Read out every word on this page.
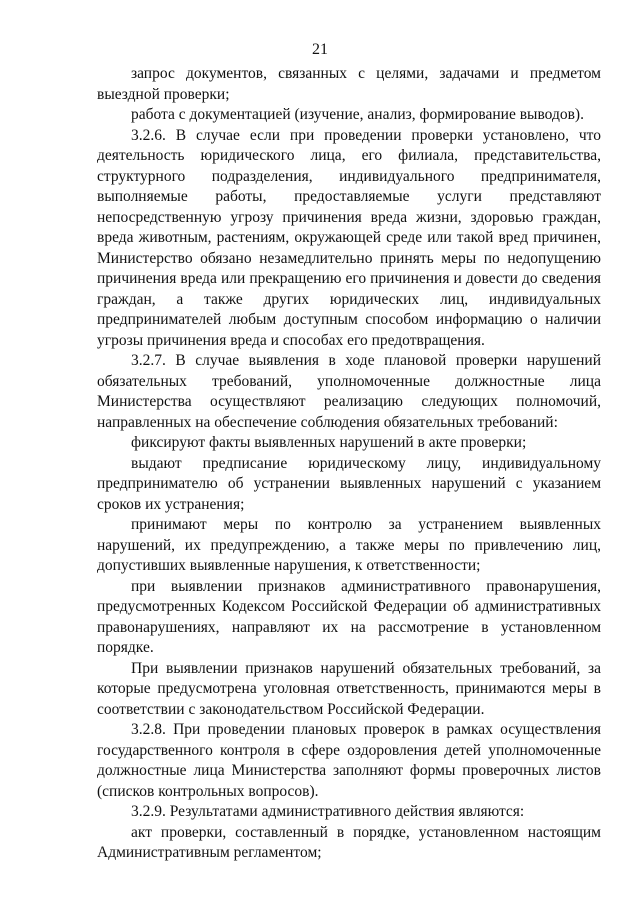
21

запрос документов, связанных с целями, задачами и предметом выездной проверки;

работа с документацией (изучение, анализ, формирование выводов).

3.2.6. В случае если при проведении проверки установлено, что деятельность юридического лица, его филиала, представительства, структурного подразделения, индивидуального предпринимателя, выполняемые работы, предоставляемые услуги представляют непосредственную угрозу причинения вреда жизни, здоровью граждан, вреда животным, растениям, окружающей среде или такой вред причинен, Министерство обязано незамедлительно принять меры по недопущению причинения вреда или прекращению его причинения и довести до сведения граждан, а также других юридических лиц, индивидуальных предпринимателей любым доступным способом информацию о наличии угрозы причинения вреда и способах его предотвращения.

3.2.7. В случае выявления в ходе плановой проверки нарушений обязательных требований, уполномоченные должностные лица Министерства осуществляют реализацию следующих полномочий, направленных на обеспечение соблюдения обязательных требований:

фиксируют факты выявленных нарушений в акте проверки;

выдают предписание юридическому лицу, индивидуальному предпринимателю об устранении выявленных нарушений с указанием сроков их устранения;

принимают меры по контролю за устранением выявленных нарушений, их предупреждению, а также меры по привлечению лиц, допустивших выявленные нарушения, к ответственности;

при выявлении признаков административного правонарушения, предусмотренных Кодексом Российской Федерации об административных правонарушениях, направляют их на рассмотрение в установленном порядке.

При выявлении признаков нарушений обязательных требований, за которые предусмотрена уголовная ответственность, принимаются меры в соответствии с законодательством Российской Федерации.

3.2.8. При проведении плановых проверок в рамках осуществления государственного контроля в сфере оздоровления детей уполномоченные должностные лица Министерства заполняют формы проверочных листов (списков контрольных вопросов).

3.2.9. Результатами административного действия являются:

акт проверки, составленный в порядке, установленном настоящим Административным регламентом;
